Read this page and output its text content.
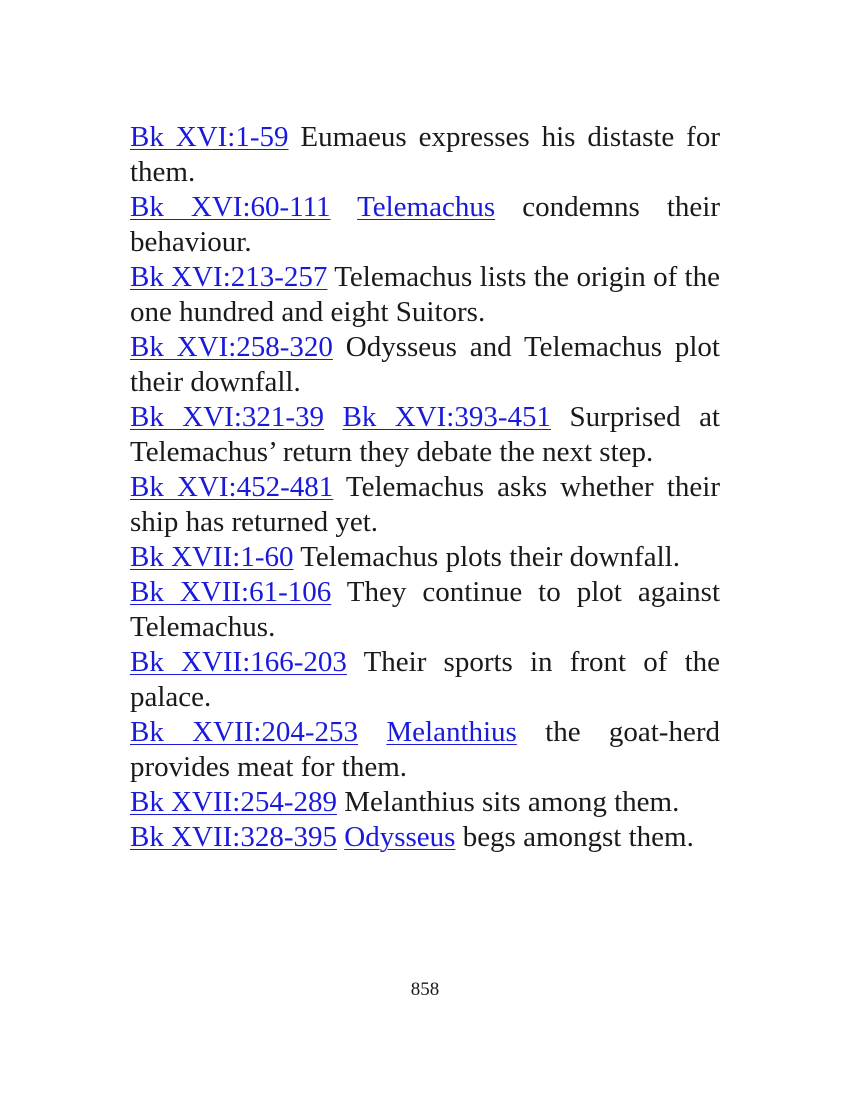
Bk XVI:1-59 Eumaeus expresses his distaste for them.

Bk XVI:60-111 Telemachus condemns their behaviour.

Bk XVI:213-257 Telemachus lists the origin of the one hundred and eight Suitors.

Bk XVI:258-320 Odysseus and Telemachus plot their downfall.

Bk XVI:321-39 Bk XVI:393-451 Surprised at Telemachus’ return they debate the next step.

Bk XVI:452-481 Telemachus asks whether their ship has returned yet.

Bk XVII:1-60 Telemachus plots their downfall.

Bk XVII:61-106 They continue to plot against Telemachus.

Bk XVII:166-203 Their sports in front of the palace.

Bk XVII:204-253 Melanthius the goat-herd provides meat for them.

Bk XVII:254-289 Melanthius sits among them.

Bk XVII:328-395 Odysseus begs amongst them.

858
